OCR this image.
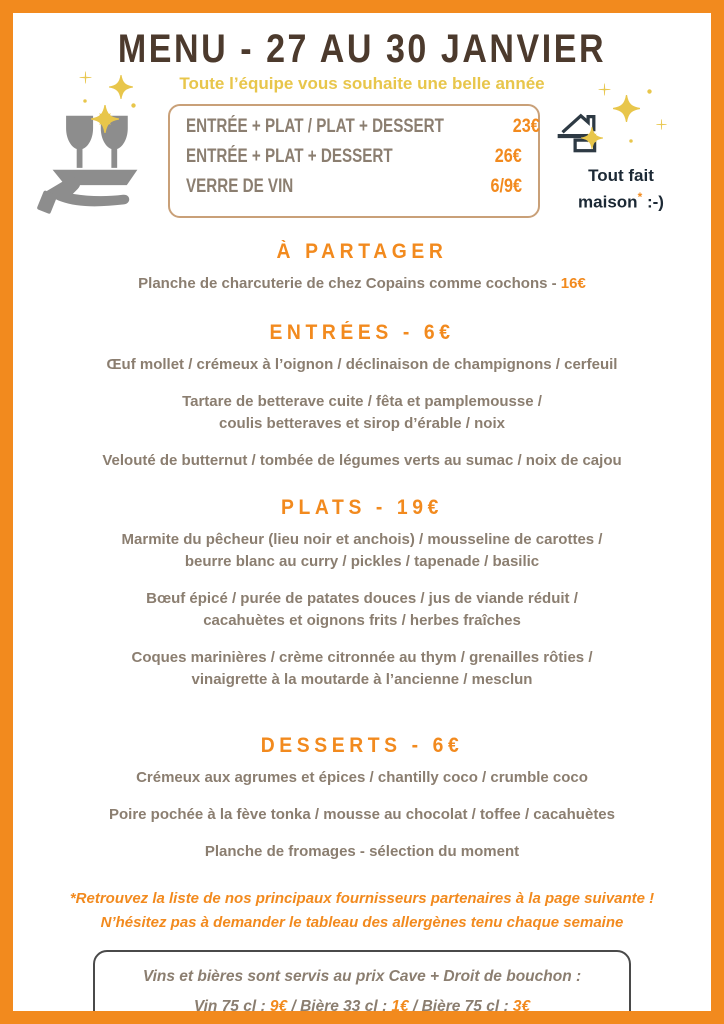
MENU - 27 AU 30 JANVIER
Toute l’équipe vous souhaite une belle année
ENTRÉE + PLAT / PLAT + DESSERT	23€
ENTRÉE + PLAT + DESSERT	26€
VERRE DE VIN	6/9€
Tout fait
maison* :-)
À PARTAGER

Planche de charcuterie de chez Copains comme cochons - 16€

ENTRÉES - 6€

Œuf mollet / crémeux à l’oignon / déclinaison de champignons / cerfeuil

Tartare de betterave cuite / fêta et pamplemousse /
coulis betteraves et sirop d’érable / noix

Velouté de butternut / tombée de légumes verts au sumac / noix de cajou

PLATS - 19€

Marmite du pêcheur (lieu noir et anchois) / mousseline de carottes /
beurre blanc au curry / pickles / tapenade / basilic

Bœuf épicé / purée de patates douces / jus de viande réduit /
cacahuètes et oignons frits / herbes fraîches

Coques marinières / crème citronnée au thym / grenailles rôties /
vinaigrette à la moutarde à l’ancienne / mesclun

DESSERTS - 6€

Crémeux aux agrumes et épices / chantilly coco / crumble coco

Poire pochée à la fève tonka / mousse au chocolat / toffee / cacahuètes

Planche de fromages - sélection du moment

*Retrouvez la liste de nos principaux fournisseurs partenaires à la page suivante !
N’hésitez pas à demander le tableau des allergènes tenu chaque semaine
Vins et bières sont servis au prix Cave + Droit de bouchon :
Vin 75 cl : 9€ / Bière 33 cl : 1€ / Bière 75 cl : 3€
